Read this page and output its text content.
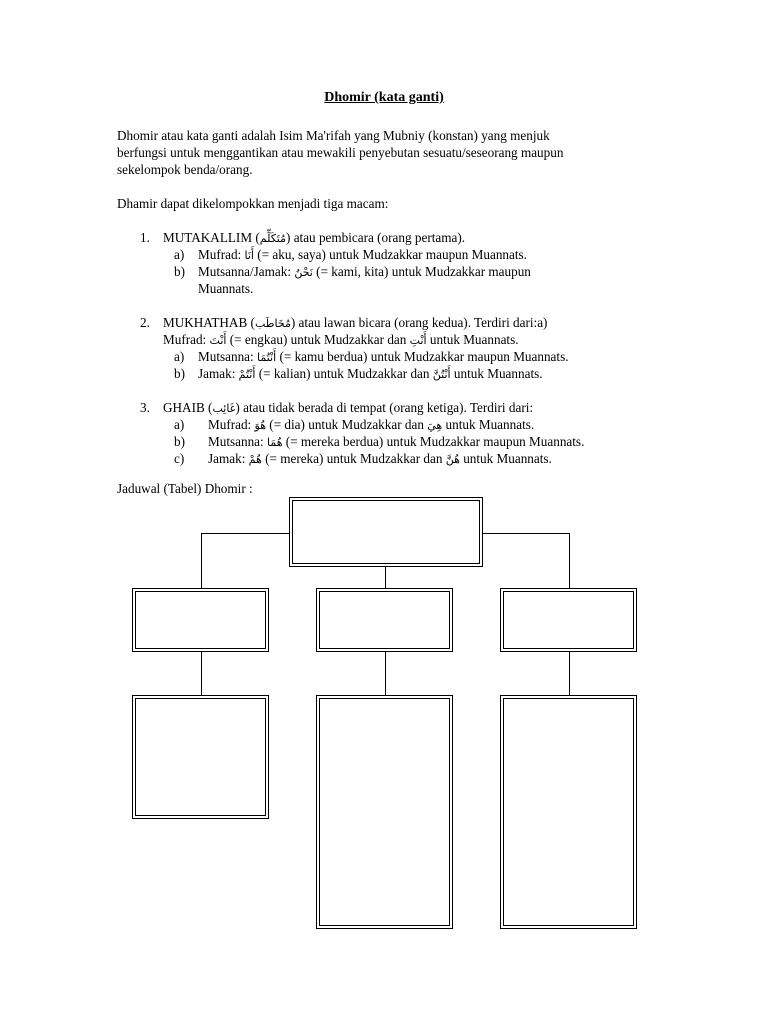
Dhomir (kata ganti)
Dhomir atau kata ganti adalah Isim Ma'rifah yang Mubniy (konstan) yang menjuk
berfungsi untuk menggantikan atau mewakili penyebutan sesuatu/seseorang maupun
sekelompok benda/orang.
Dhamir dapat dikelompokkan menjadi tiga macam:
1. MUTAKALLIM (مُتَكَلِّم) atau pembicara (orang pertama).
a) Mufrad: أَنَا (= aku, saya) untuk Mudzakkar maupun Muannats.
b) Mutsanna/Jamak: نَحْنُ (= kami, kita) untuk Mudzakkar maupun
Muannats.
2. MUKHATHAB (مُخَاطَب) atau lawan bicara (orang kedua). Terdiri dari:a)
Mufrad: أَنْتَ (= engkau) untuk Mudzakkar dan أَنْتِ untuk Muannats.
a) Mutsanna: أَنْتُمَا (= kamu berdua) untuk Mudzakkar maupun Muannats.
b) Jamak: أَنْتُمْ (= kalian) untuk Mudzakkar dan أَنْتُنَّ untuk Muannats.
3. GHAIB (غَائِب) atau tidak berada di tempat (orang ketiga). Terdiri dari:
a) Mufrad: هُوَ (= dia) untuk Mudzakkar dan هِيَ untuk Muannats.
b) Mutsanna: هُمَا (= mereka berdua) untuk Mudzakkar maupun Muannats.
c) Jamak: هُمْ (= mereka) untuk Mudzakkar dan هُنَّ untuk Muannats.
Jaduwal (Tabel) Dhomir :
